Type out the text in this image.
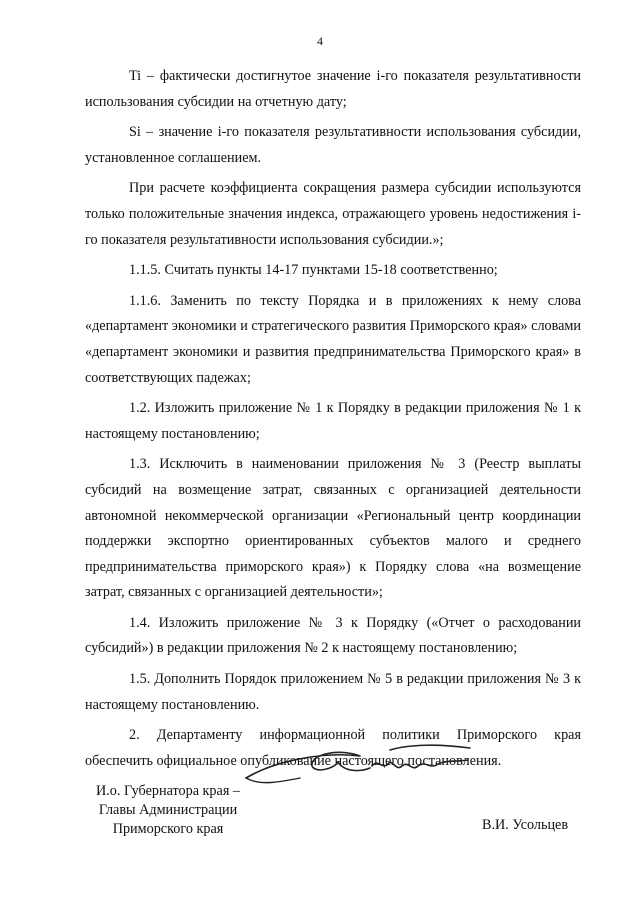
4

Ti – фактически достигнутое значение i-го показателя результативности использования субсидии на отчетную дату;

Si – значение i-го показателя результативности использования субсидии, установленное соглашением.

При расчете коэффициента сокращения размера субсидии используются только положительные значения индекса, отражающего уровень недостижения i-го показателя результативности использования субсидии.»;

1.1.5. Считать пункты 14-17 пунктами 15-18 соответственно;

1.1.6. Заменить по тексту Порядка и в приложениях к нему слова «департамент экономики и стратегического развития Приморского края» словами «департамент экономики и развития предпринимательства Приморского края» в соответствующих падежах;

1.2. Изложить приложение № 1 к Порядку в редакции приложения № 1 к настоящему постановлению;

1.3. Исключить в наименовании приложения № 3 (Реестр выплаты субсидий на возмещение затрат, связанных с организацией деятельности автономной некоммерческой организации «Региональный центр координации поддержки экспортно ориентированных субъектов малого и среднего предпринимательства приморского края») к Порядку слова «на возмещение затрат, связанных с организацией деятельности»;

1.4. Изложить приложение № 3 к Порядку («Отчет о расходовании субсидий») в редакции приложения № 2 к настоящему постановлению;

1.5. Дополнить Порядок приложением № 5 в редакции приложения № 3 к настоящему постановлению.

2. Департаменту информационной политики Приморского края обеспечить официальное опубликование настоящего постановления.

И.о. Губернатора края –
Главы Администрации
Приморского края	В.И. Усольцев
